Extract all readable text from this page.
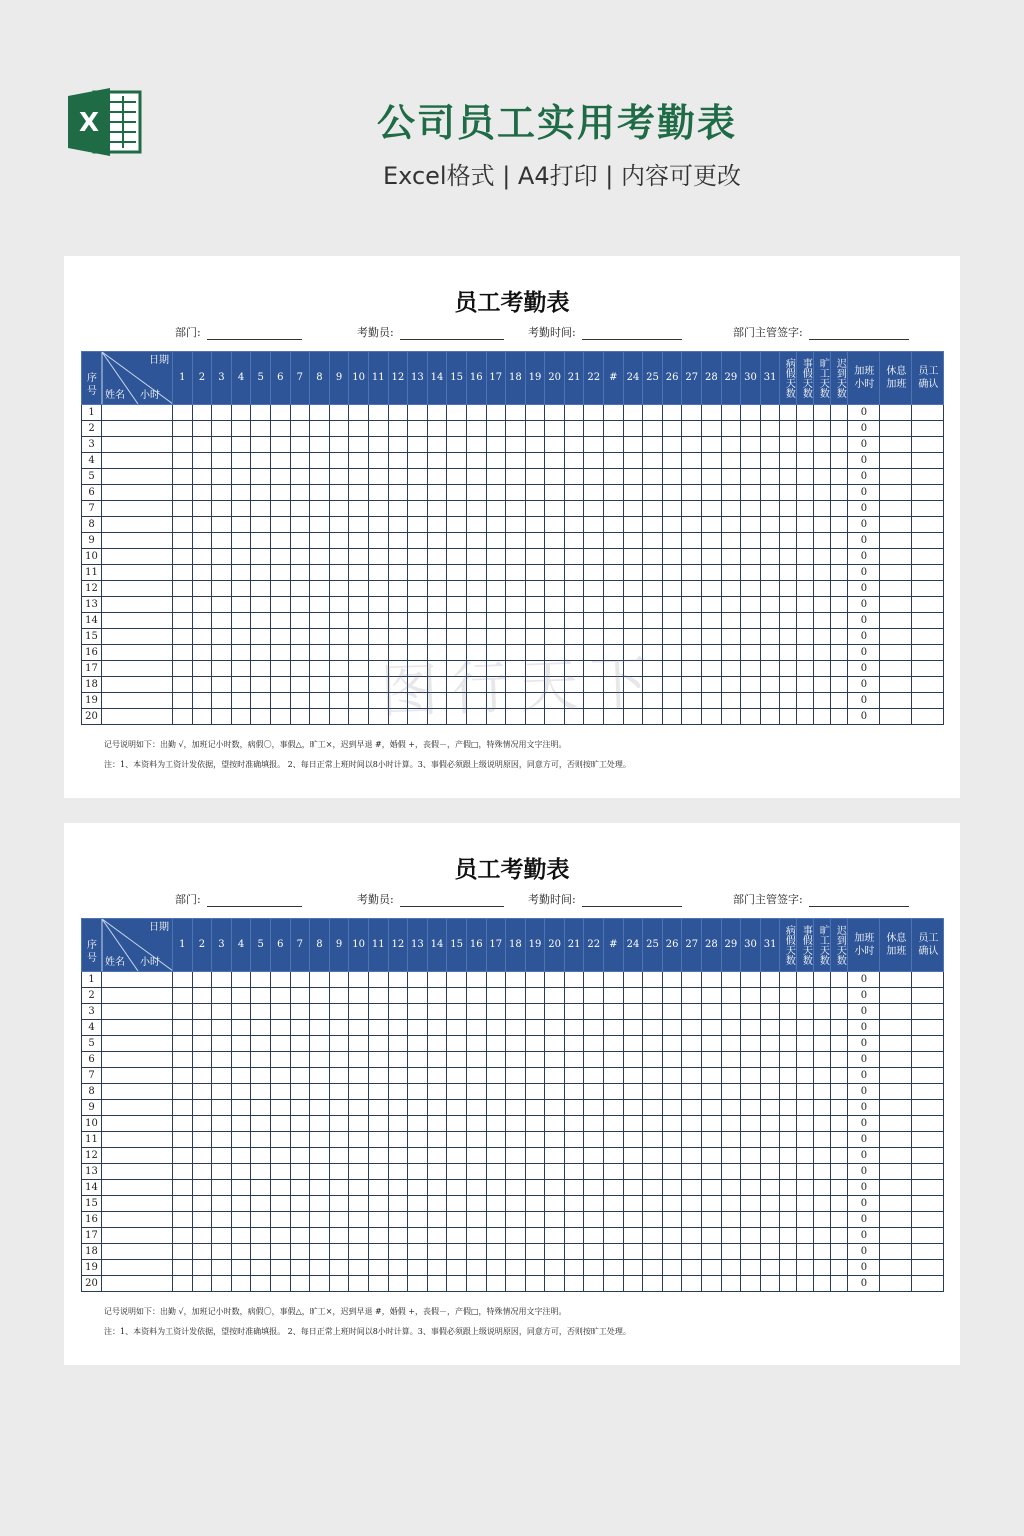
X	公司员工实用考勤表
Excel格式 | A4打印 | 内容可更改
员工考勤表
部门:	考勤员:	考勤时间:	部门主管签字:
日期
序号 姓名 小时		1	2	3	4	5	6	7	8	9	10	11	12	13	14	15	16	17	18	19	20	21	22	#	24	25	26	27	28	29	30	31	病假天数	事假天数	旷工天数	迟到天数	加班小时	休息加班	员工确认

1																																					0		
2																																					0		
3																																					0		
4																																					0		
5																																					0		
6																																					0		
7																																					0		
8																																					0		
9																																					0		
10																																					0		
11																																					0		
12																																					0		
13																																					0		
14																																					0		
15																																					0		
16																																					0		
17																																					0		
18																																					0		
19																																					0		
20																																					0		
记号说明如下：出勤 √，加班记小时数，病假〇，事假△，旷工×，迟到早退 #，婚假 +，丧假－，产假□，特殊情况用文字注明。
注：1、本资料为工资计发依据，望按时准确填报。 2、每日正常上班时间以8小时计算。3、事假必须跟上级说明原因，同意方可，否则按旷工处理。
员工考勤表
部门:	考勤员:	考勤时间:	部门主管签字:
日期
序号 姓名 小时		1	2	3	4	5	6	7	8	9	10	11	12	13	14	15	16	17	18	19	20	21	22	#	24	25	26	27	28	29	30	31	病假天数	事假天数	旷工天数	迟到天数	加班小时	休息加班	员工确认

1																																					0		
2																																					0		
3																																					0		
4																																					0		
5																																					0		
6																																					0		
7																																					0		
8																																					0		
9																																					0		
10																																					0		
11																																					0		
12																																					0		
13																																					0		
14																																					0		
15																																					0		
16																																					0		
17																																					0		
18																																					0		
19																																					0		
20																																					0		
记号说明如下：出勤 √，加班记小时数，病假〇，事假△，旷工×，迟到早退 #，婚假 +，丧假－，产假□，特殊情况用文字注明。
注：1、本资料为工资计发依据，望按时准确填报。 2、每日正常上班时间以8小时计算。3、事假必须跟上级说明原因，同意方可，否则按旷工处理。
图行天下
